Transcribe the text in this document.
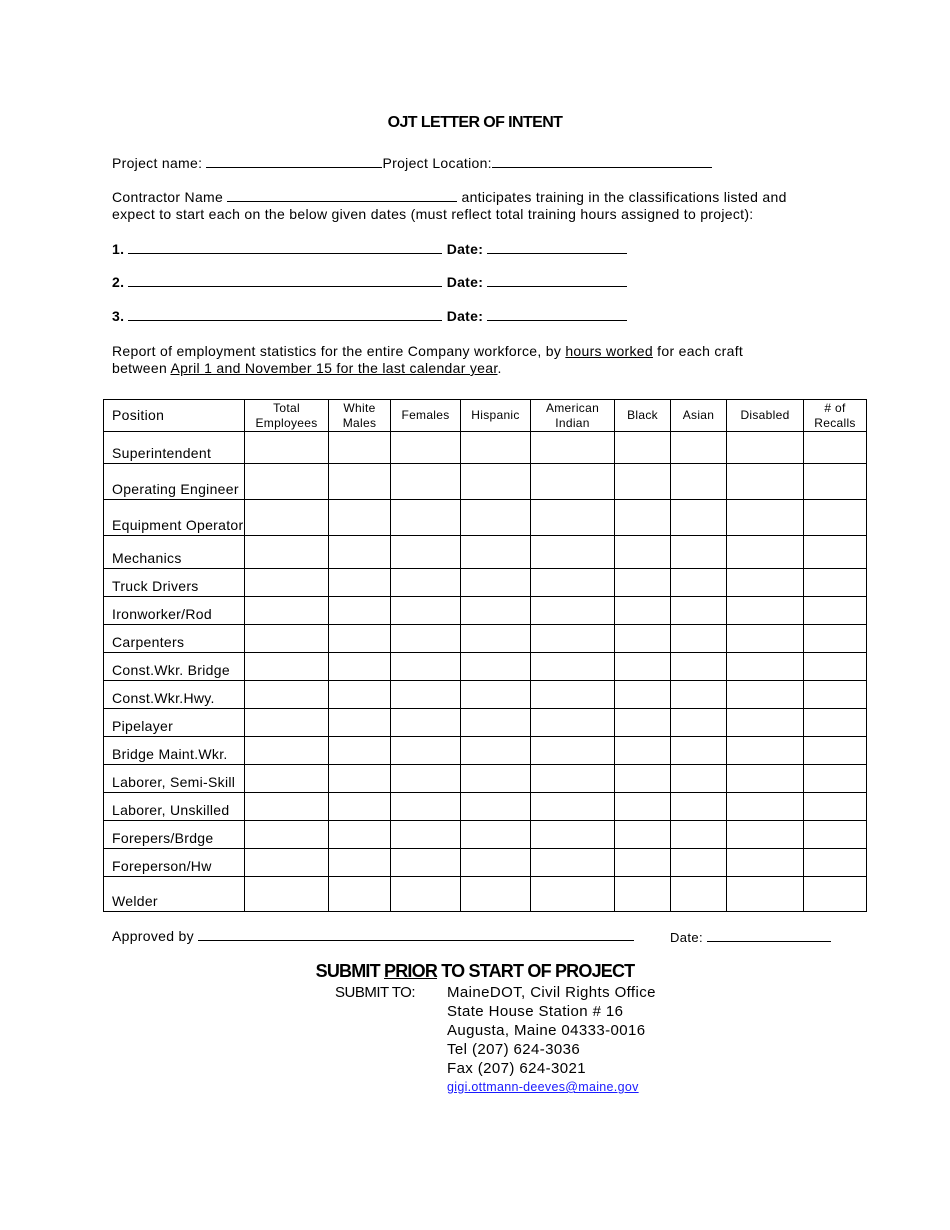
OJT LETTER OF INTENT
Project name:	Project Location:
Contractor Name	anticipates training in the classifications listed and
expect to start each on the below given dates (must reflect total training hours assigned to project):
1.	Date:
2.	Date:
3.	Date:
Report of employment statistics for the entire Company workforce, by hours worked for each craft
between April 1 and November 15 for the last calendar year.
Position	Total Employees	White Males	Females	Hispanic	American Indian	Black	Asian	Disabled	# of Recalls
Superintendent									
Operating Engineer									
Equipment Operator									
Mechanics									
Truck Drivers									
Ironworker/Rod									
Carpenters									
Const.Wkr. Bridge									
Const.Wkr.Hwy.									
Pipelayer									
Bridge Maint.Wkr.									
Laborer, Semi-Skill									
Laborer, Unskilled									
Forepers/Brdge									
Foreperson/Hw									
Welder									
Approved by	Date:
SUBMIT PRIOR TO START OF PROJECT
SUBMIT TO: MaineDOT, Civil Rights Office
State House Station # 16
Augusta, Maine 04333-0016
Tel (207) 624-3036
Fax (207) 624-3021
gigi.ottmann-deeves@maine.gov
